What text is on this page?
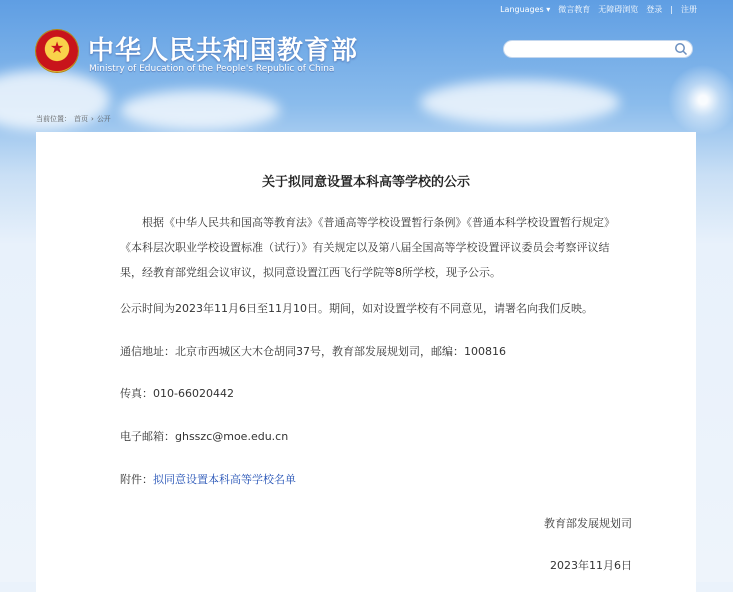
Languages ▾ 微言教育 无障碍浏览 登录 | 注册
★
中华人民共和国教育部
Ministry of Education of the People's Republic of China
当前位置： 首页 › 公开
关于拟同意设置本科高等学校的公示
根据《中华人民共和国高等教育法》《普通高等学校设置暂行条例》《普通本科学校设置暂行规定》《本科层次职业学校设置标准（试行）》有关规定以及第八届全国高等学校设置评议委员会考察评议结果，经教育部党组会议审议，拟同意设置江西飞行学院等8所学校，现予公示。
公示时间为2023年11月6日至11月10日。期间，如对设置学校有不同意见，请署名向我们反映。
通信地址：北京市西城区大木仓胡同37号，教育部发展规划司，邮编：100816
传真：010-66020442
电子邮箱：ghsszc@moe.edu.cn
附件：拟同意设置本科高等学校名单
教育部发展规划司
2023年11月6日
